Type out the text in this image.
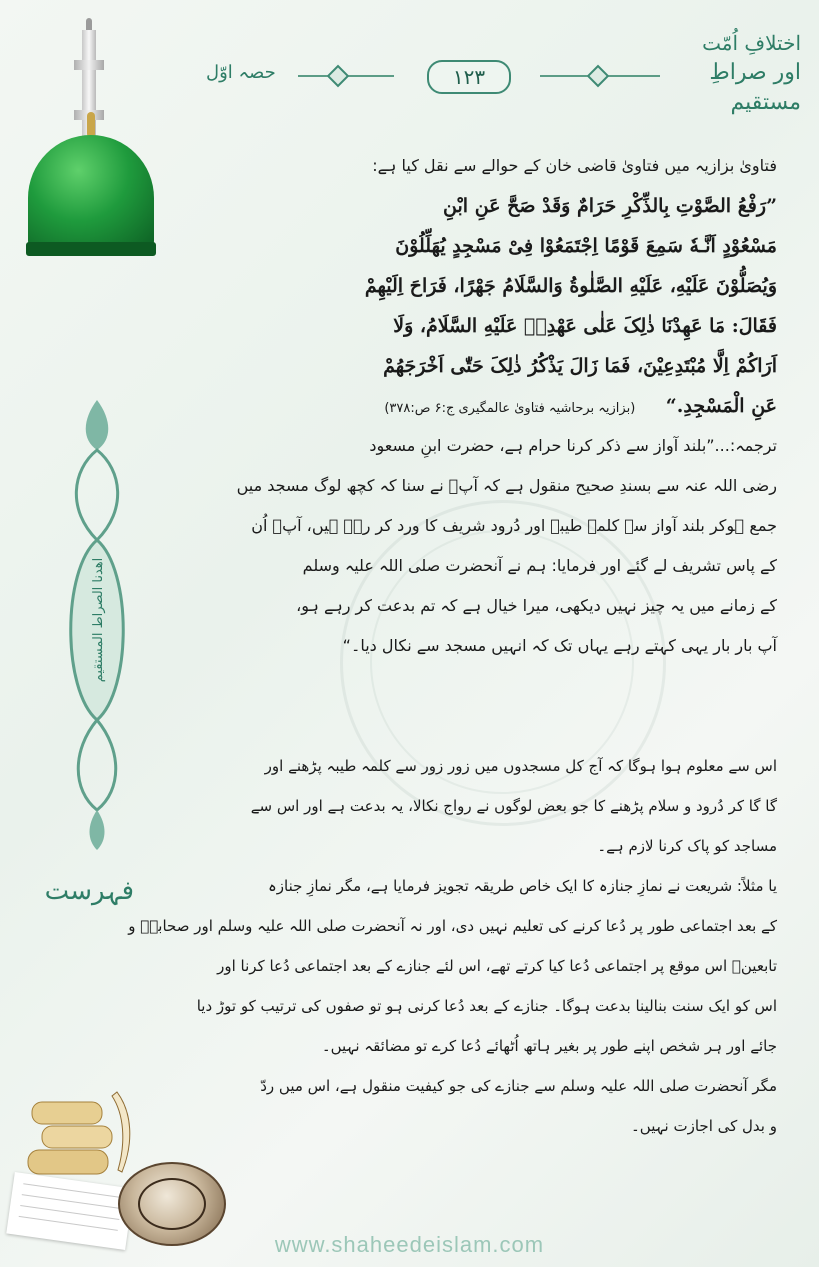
اختلافِ اُمّت
اور صراطِ مستقیم
۱۲۳
حصہ اوّل
اھدنا الصراط المستقیم
فہرست
فتاویٰ بزازیہ میں فتاویٰ قاضی خان کے حوالے سے نقل کیا ہے:
”رَفْعُ الصَّوْتِ بِالذِّکْرِ حَرَامٌ وَقَدْ صَحَّ عَنِ ابْنِ
مَسْعُوْدٍ اَنَّـهٗ سَمِعَ قَوْمًا اِجْتَمَعُوْا فِیْ مَسْجِدٍ یُهَلِّلُوْنَ
وَیُصَلُّوْنَ عَلَیْهِ، عَلَیْهِ الصَّلٰوةُ وَالسَّلَامُ جَهْرًا، فَرَاحَ اِلَیْهِمْ
فَقَالَ: مَا عَهِدْنَا ذٰلِکَ عَلٰی عَهْدِهٖ عَلَیْهِ السَّلَامُ، وَلَا
اَرَاکُمْ اِلَّا مُبْتَدِعِیْنَ، فَمَا زَالَ یَذْکُرُ ذٰلِکَ حَتّٰی اَخْرَجَهُمْ
عَنِ الْمَسْجِدِ.“      (بزازیہ برحاشیہ فتاویٰ عالمگیری ج:۶ ص:۳۷۸)
ترجمہ:...”بلند آواز سے ذکر کرنا حرام ہے، حضرت ابنِ مسعود
رضی اللہ عنہ سے بسندِ صحیح منقول ہے کہ آپؓ نے سنا کہ کچھ لوگ مسجد میں
جمع ہوکر بلند آواز سے کلمہ طیبہ اور دُرود شریف کا ورد کر رہے ہیں، آپؓ اُن
کے پاس تشریف لے گئے اور فرمایا: ہم نے آنحضرت صلی اللہ علیہ وسلم
کے زمانے میں یہ چیز نہیں دیکھی، میرا خیال ہے کہ تم بدعت کر رہے ہو،
آپ بار بار یہی کہتے رہے یہاں تک کہ انہیں مسجد سے نکال دیا۔“
اس سے معلوم ہوا ہوگا کہ آج کل مسجدوں میں زور زور سے کلمہ طیبہ پڑھنے اور
گا گا کر دُرود و سلام پڑھنے کا جو بعض لوگوں نے رواج نکالا، یہ بدعت ہے اور اس سے
مساجد کو پاک کرنا لازم ہے۔
یا مثلاً: شریعت نے نمازِ جنازہ کا ایک خاص طریقہ تجویز فرمایا ہے، مگر نمازِ جنازہ
کے بعد اجتماعی طور پر دُعا کرنے کی تعلیم نہیں دی، اور نہ آنحضرت صلی اللہ علیہ وسلم اور صحابہؓ و
تابعینؒ اس موقع پر اجتماعی دُعا کیا کرتے تھے، اس لئے جنازے کے بعد اجتماعی دُعا کرنا اور
اس کو ایک سنت بنالینا بدعت ہوگا۔ جنازے کے بعد دُعا کرنی ہو تو صفوں کی ترتیب کو توڑ دیا
جائے اور ہر شخص اپنے طور پر بغیر ہاتھ اُٹھائے دُعا کرے تو مضائقہ نہیں۔
مگر آنحضرت صلی اللہ علیہ وسلم سے جنازے کی جو کیفیت منقول ہے، اس میں ردّ
و بدل کی اجازت نہیں۔
www.shaheedeislam.com
